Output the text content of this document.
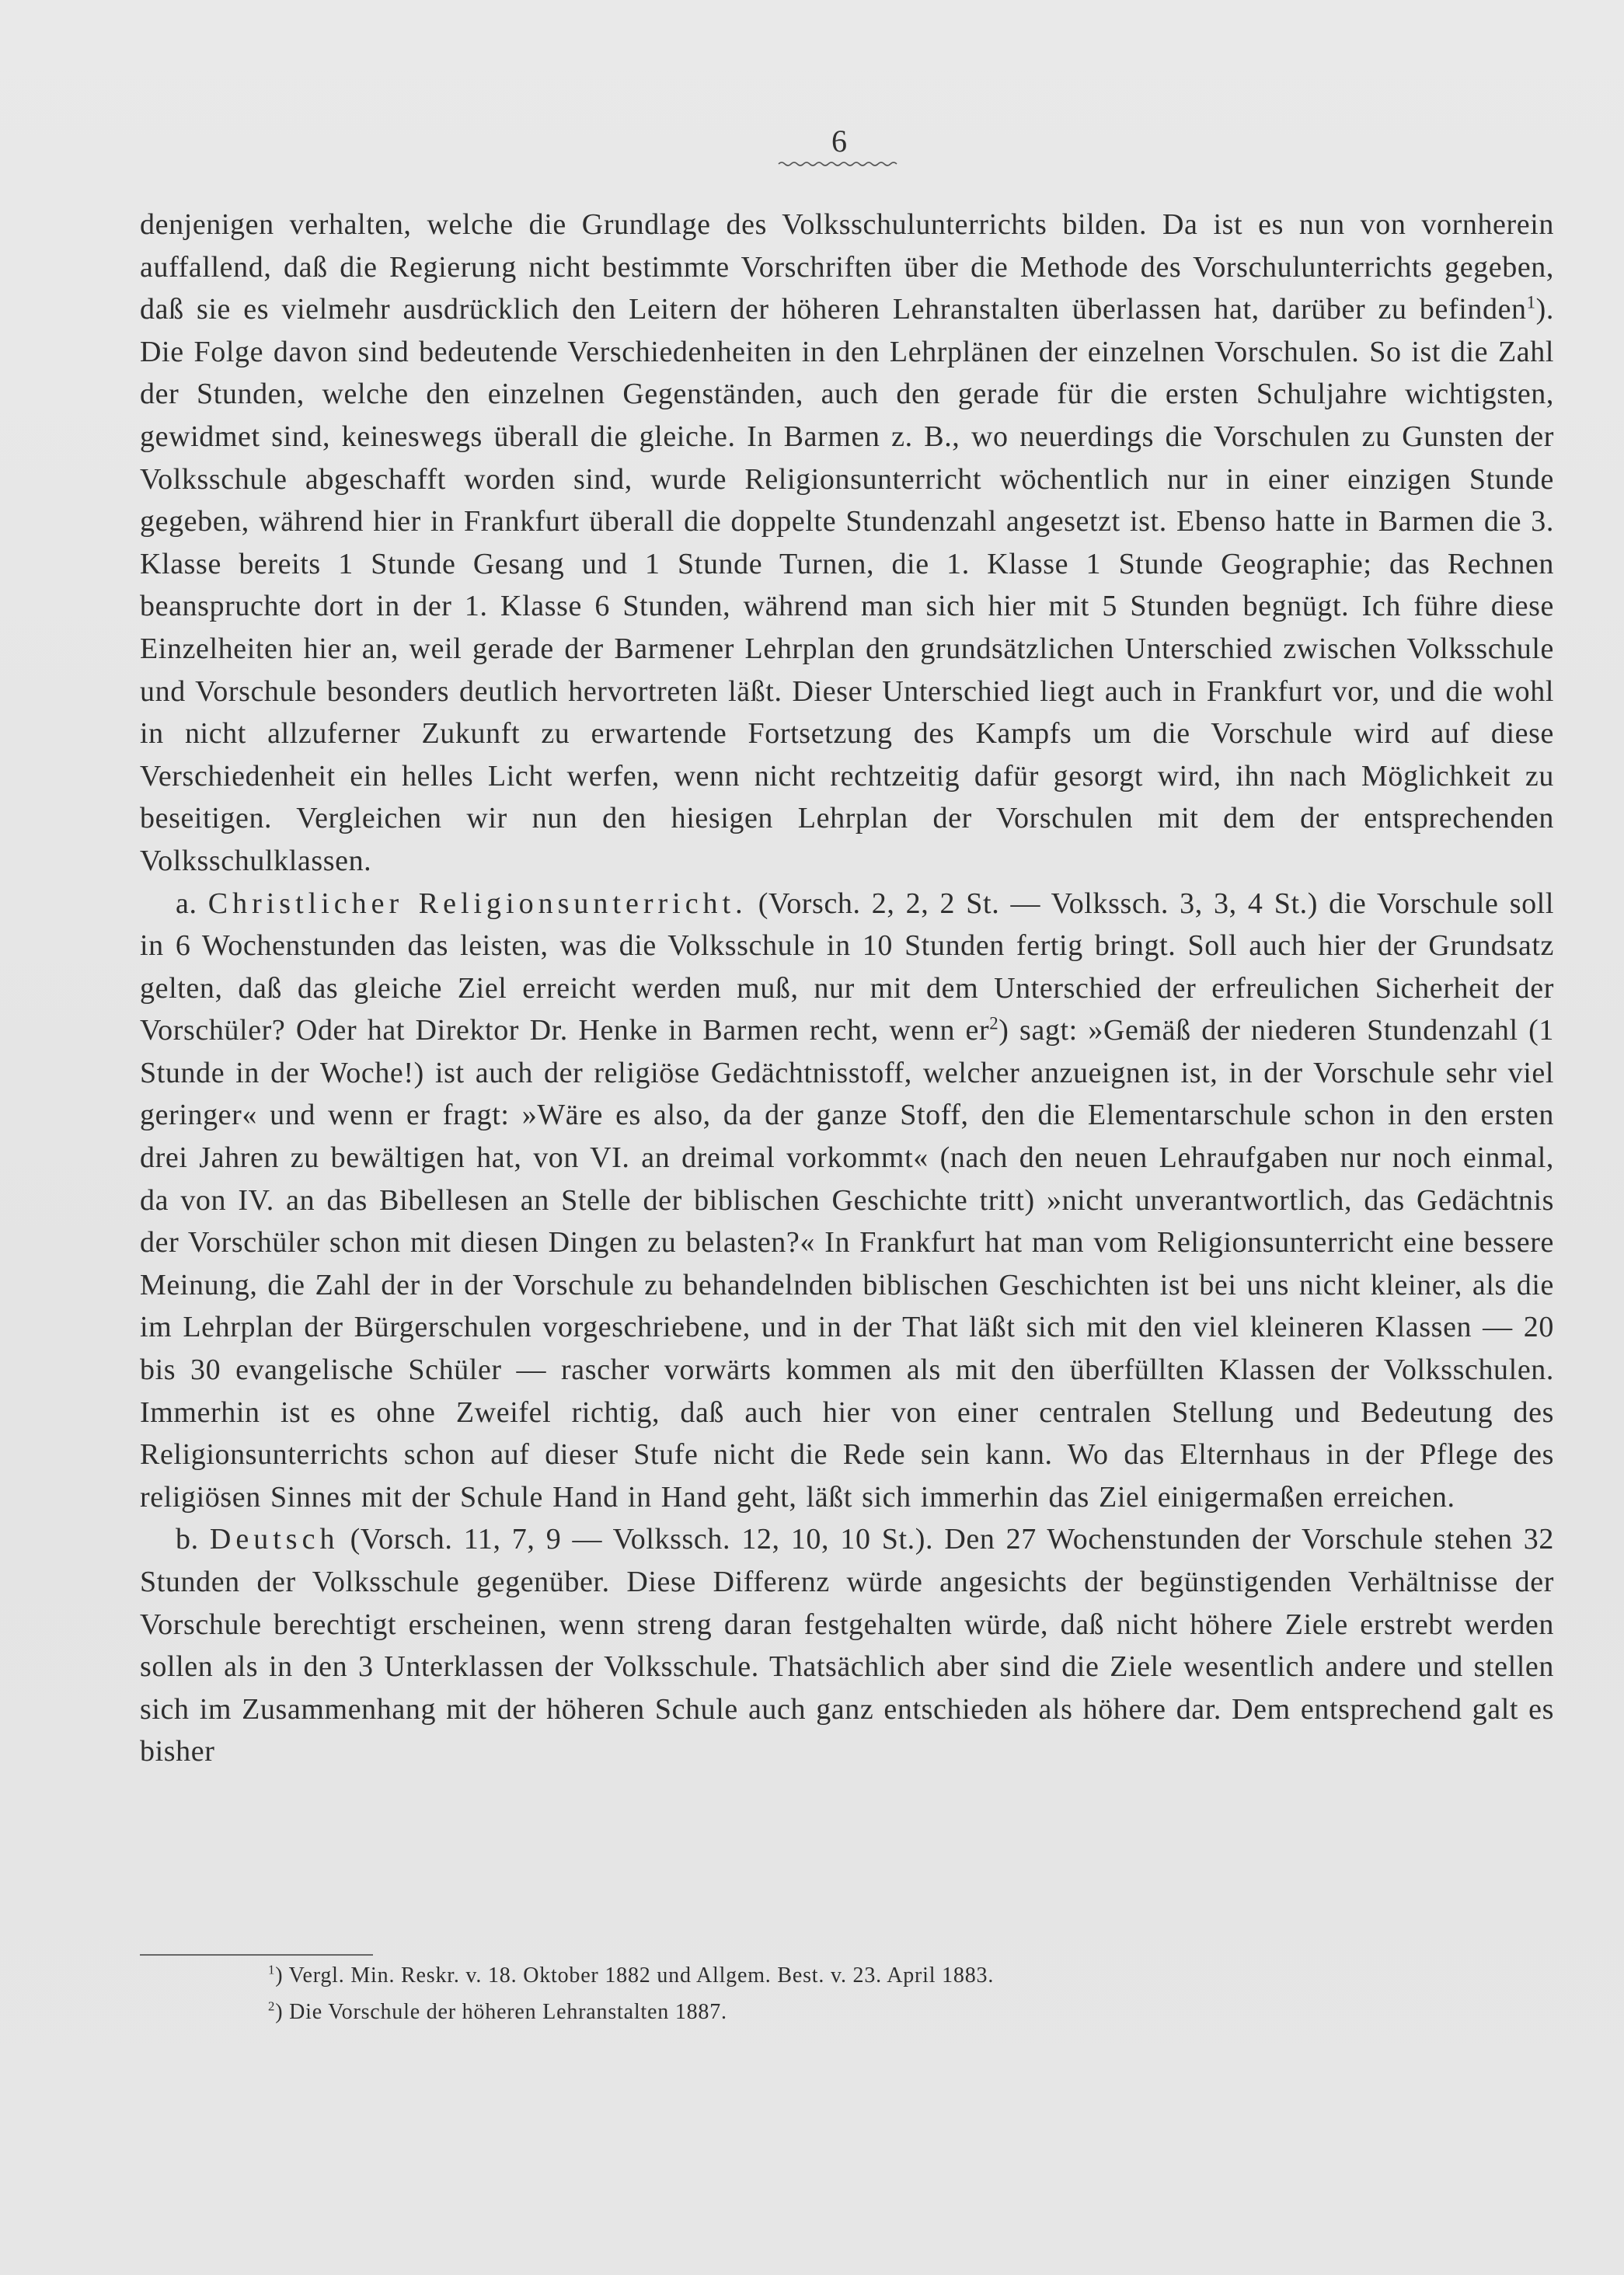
6

denjenigen verhalten, welche die Grundlage des Volksschulunterrichts bilden. Da ist es nun von vornherein auffallend, daß die Regierung nicht bestimmte Vorschriften über die Methode des Vorschulunterrichts gegeben, daß sie es vielmehr ausdrücklich den Leitern der höheren Lehranstalten überlassen hat, darüber zu befinden$^1$). Die Folge davon sind bedeutende Verschiedenheiten in den Lehrplänen der einzelnen Vorschulen. So ist die Zahl der Stunden, welche den einzelnen Gegenständen, auch den gerade für die ersten Schuljahre wichtigsten, gewidmet sind, keineswegs überall die gleiche. In Barmen z. B., wo neuerdings die Vorschulen zu Gunsten der Volksschule abgeschafft worden sind, wurde Religionsunterricht wöchentlich nur in einer einzigen Stunde gegeben, während hier in Frankfurt überall die doppelte Stundenzahl angesetzt ist. Ebenso hatte in Barmen die 3. Klasse bereits 1 Stunde Gesang und 1 Stunde Turnen, die 1. Klasse 1 Stunde Geographie; das Rechnen beanspruchte dort in der 1. Klasse 6 Stunden, während man sich hier mit 5 Stunden begnügt. Ich führe diese Einzelheiten hier an, weil gerade der Barmener Lehrplan den grundsätzlichen Unterschied zwischen Volksschule und Vorschule besonders deutlich hervortreten läßt. Dieser Unterschied liegt auch in Frankfurt vor, und die wohl in nicht allzuferner Zukunft zu erwartende Fortsetzung des Kampfs um die Vorschule wird auf diese Verschiedenheit ein helles Licht werfen, wenn nicht rechtzeitig dafür gesorgt wird, ihn nach Möglichkeit zu beseitigen. Vergleichen wir nun den hiesigen Lehrplan der Vorschulen mit dem der entsprechenden Volksschulklassen.

a. Christlicher Religionsunterricht. (Vorsch. 2, 2, 2 St. — Volkssch. 3, 3, 4 St.) die Vorschule soll in 6 Wochenstunden das leisten, was die Volksschule in 10 Stunden fertig bringt. Soll auch hier der Grundsatz gelten, daß das gleiche Ziel erreicht werden muß, nur mit dem Unterschied der erfreulichen Sicherheit der Vorschüler? Oder hat Direktor Dr. Henke in Barmen recht, wenn $er^2$) sagt: »Gemäß der niederen Stundenzahl (1 Stunde in der Woche!) ist auch der religiöse Gedächtnisstoff, welcher anzueignen ist, in der Vorschule sehr viel geringer« und wenn er fragt: »Wäre es also, da der ganze Stoff, den die Elementarschule schon in den ersten drei Jahren zu bewältigen hat, von VI. an dreimal vorkommt« (nach den neuen Lehraufgaben nur noch einmal, da von IV. an das Bibellesen an Stelle der biblischen Geschichte tritt) »nicht unverantwortlich, das Gedächtnis der Vorschüler schon mit diesen Dingen zu belasten?« In Frankfurt hat man vom Religionsunterricht eine bessere Meinung, die Zahl der in der Vorschule zu behandelnden biblischen Geschichten ist bei uns nicht kleiner, als die im Lehrplan der Bürgerschulen vorgeschriebene, und in der That läßt sich mit den viel kleineren Klassen — 20 bis 30 evangelische Schüler — rascher vorwärts kommen als mit den überfüllten Klassen der Volksschulen. Immerhin ist es ohne Zweifel richtig, daß auch hier von einer centralen Stellung und Bedeutung des Religionsunterrichts schon auf dieser Stufe nicht die Rede sein kann. Wo das Elternhaus in der Pflege des religiösen Sinnes mit der Schule Hand in Hand geht, läßt sich immerhin das Ziel einigermaßen erreichen.

b. Deutsch (Vorsch. 11, 7, 9 — Volkssch. 12, 10, 10 St.). Den 27 Wochenstunden der Vorschule stehen 32 Stunden der Volksschule gegenüber. Diese Differenz würde angesichts der begünstigenden Verhältnisse der Vorschule berechtigt erscheinen, wenn streng daran festgehalten würde, daß nicht höhere Ziele erstrebt werden sollen als in den 3 Unterklassen der Volksschule. Thatsächlich aber sind die Ziele wesentlich andere und stellen sich im Zusammenhang mit der höheren Schule auch ganz entschieden als höhere dar. Dem entsprechend galt es bisher

$^1$) Vergl. Min. Reskr. v. 18. Oktober 1882 und Allgem. Best. v. 23. April 1883.
$^2$) Die Vorschule der höheren Lehranstalten 1887.
